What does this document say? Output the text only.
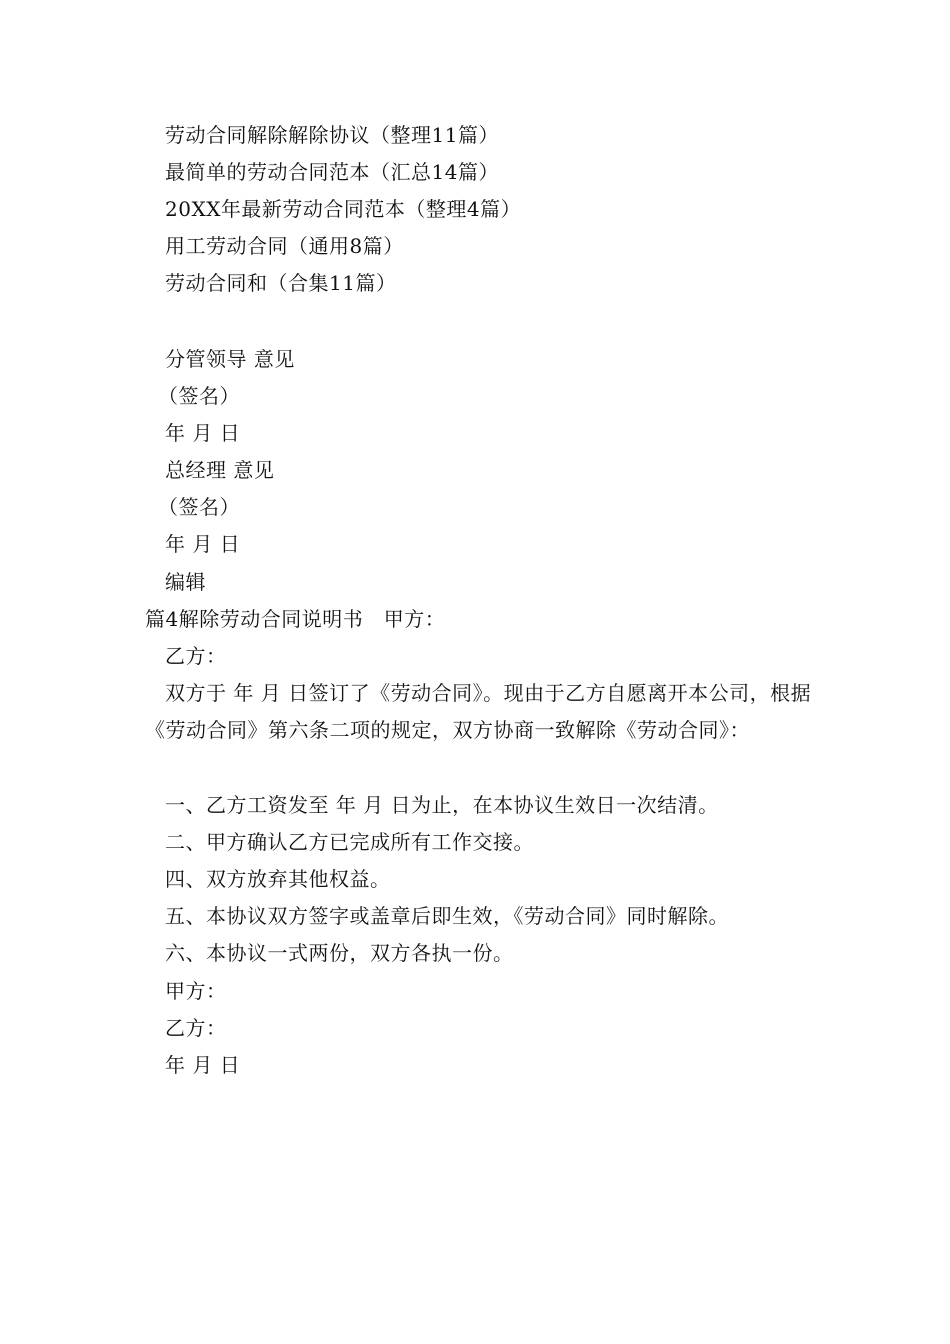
劳动合同解除解除协议（整理11篇）
最简单的劳动合同范本（汇总14篇）
20XX年最新劳动合同范本（整理4篇）
用工劳动合同（通用8篇）
劳动合同和（合集11篇）
分管领导 意见
（签名）
年 月 日
总经理 意见
（签名）
年 月 日
编辑
篇4解除劳动合同说明书　甲方：
乙方：
双方于 年 月 日签订了《劳动合同》。现由于乙方自愿离开本公司，根据《劳动合同》第六条二项的规定，双方协商一致解除《劳动合同》：
一、乙方工资发至 年 月 日为止，在本协议生效日一次结清。
二、甲方确认乙方已完成所有工作交接。
四、双方放弃其他权益。
五、本协议双方签字或盖章后即生效，《劳动合同》同时解除。
六、本协议一式两份，双方各执一份。
甲方：
乙方：
年 月 日
